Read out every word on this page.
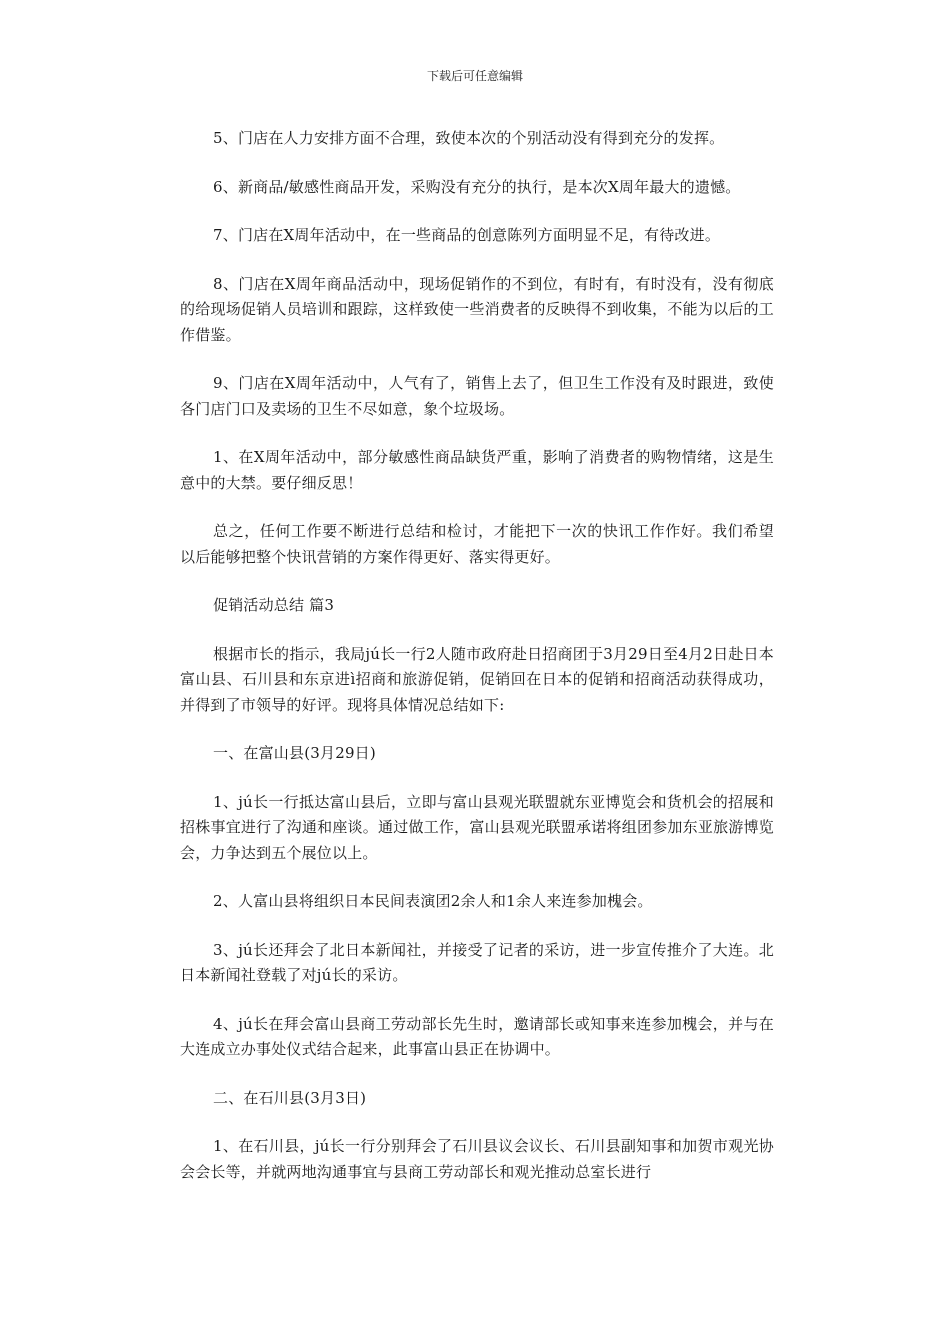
下载后可任意编辑

5、门店在人力安排方面不合理，致使本次的个别活动没有得到充分的发挥。

6、新商品/敏感性商品开发，采购没有充分的执行，是本次X周年最大的遗憾。

7、门店在X周年活动中，在一些商品的创意陈列方面明显不足，有待改进。

8、门店在X周年商品活动中，现场促销作的不到位，有时有，有时没有，没有彻底的给现场促销人员培训和跟踪，这样致使一些消费者的反映得不到收集，不能为以后的工作借鉴。

9、门店在X周年活动中，人气有了，销售上去了，但卫生工作没有及时跟进，致使各门店门口及卖场的卫生不尽如意，象个垃圾场。

1、在X周年活动中，部分敏感性商品缺货严重，影响了消费者的购物情绪，这是生意中的大禁。要仔细反思！

总之，任何工作要不断进行总结和检讨，才能把下一次的快讯工作作好。我们希望以后能够把整个快讯营销的方案作得更好、落实得更好。

促销活动总结 篇3

根据市长的指示，我局jú长一行2人随市政府赴日招商团于3月29日至4月2日赴日本富山县、石川县和东京进ì招商和旅游促销，促销回在日本的促销和招商活动获得成功，并得到了市领导的好评。现将具体情况总结如下:

一、在富山县(3月29日)

1、jú长一行抵达富山县后，立即与富山县观光联盟就东亚博览会和货机会的招展和招株事宜进行了沟通和座谈。通过做工作，富山县观光联盟承诺将组团参加东亚旅游博览会，力争达到五个展位以上。

2、人富山县将组织日本民间表演团2余人和1余人来连参加槐会。

3、jú长还拜会了北日本新闻社，并接受了记者的采访，进一步宣传推介了大连。北日本新闻社登载了对jú长的采访。

4、jú长在拜会富山县商工劳动部长先生时，邀请部长或知事来连参加槐会，并与在大连成立办事处仪式结合起来，此事富山县正在协调中。

二、在石川县(3月3日)

1、在石川县，jú长一行分别拜会了石川县议会议长、石川县副知事和加贺市观光协会会长等，并就两地沟通事宜与县商工劳动部长和观光推动总室长进行
